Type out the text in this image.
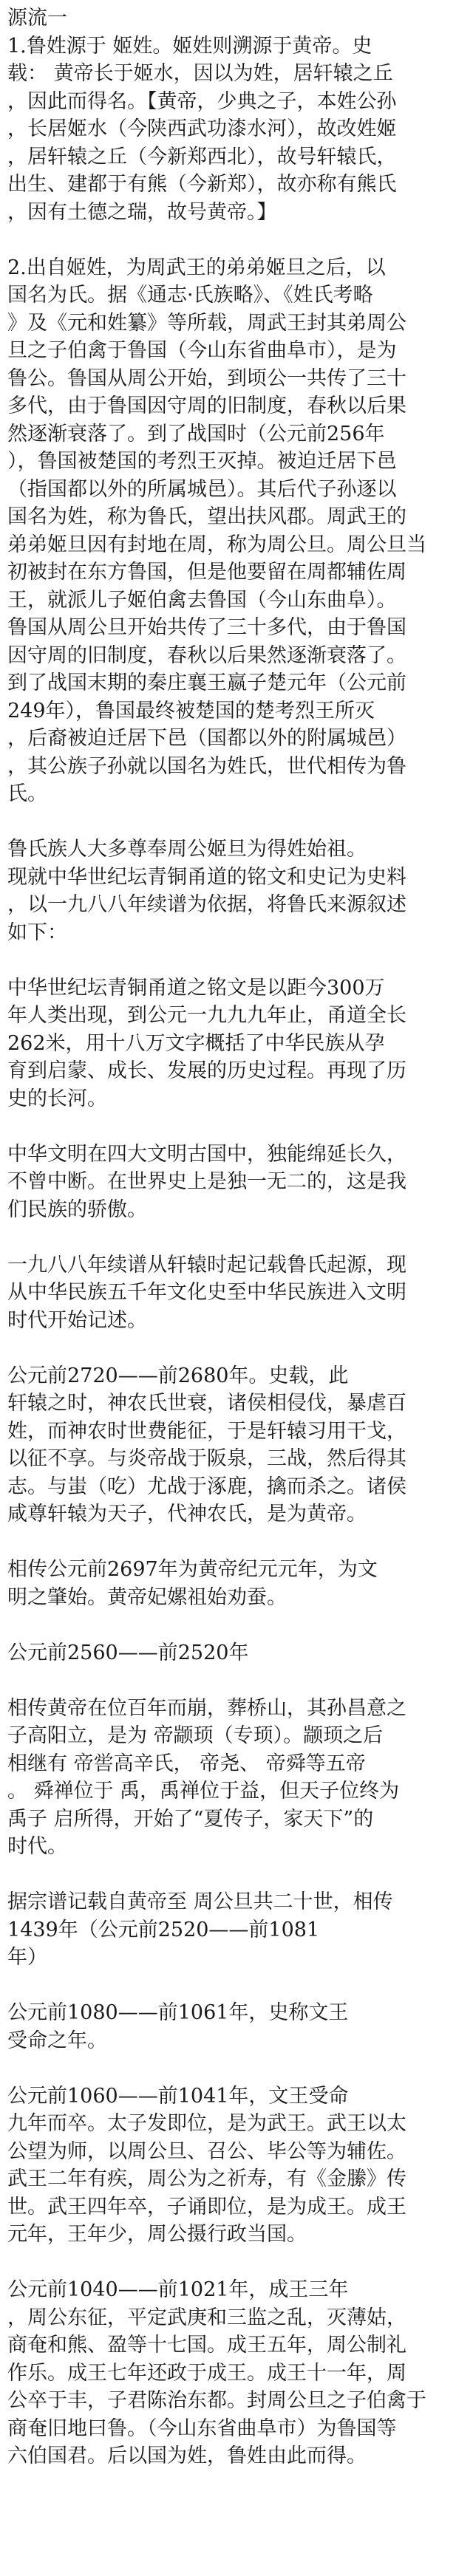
源流一
1.鲁姓源于 姬姓。姬姓则溯源于黄帝。史
载： 黄帝长于姬水，因以为姓，居轩辕之丘
，因此而得名。【黄帝，少典之子，本姓公孙
，长居姬水（今陕西武功漆水河），故改姓姬
，居轩辕之丘（今新郑西北），故号轩辕氏，
出生、建都于有熊（今新郑），故亦称有熊氏
，因有土德之瑞，故号黄帝。】
2.出自姬姓，为周武王的弟弟姬旦之后，以
国名为氏。据《通志·氏族略》、《姓氏考略
》及《元和姓纂》等所载，周武王封其弟周公
旦之子伯禽于鲁国（今山东省曲阜市），是为
鲁公。鲁国从周公开始，到顷公一共传了三十
多代，由于鲁国因守周的旧制度，春秋以后果
然逐渐衰落了。到了战国时（公元前256年
），鲁国被楚国的考烈王灭掉。被迫迁居下邑
（指国都以外的所属城邑）。其后代子孙逐以
国名为姓，称为鲁氏，望出扶风郡。周武王的
弟弟姬旦因有封地在周，称为周公旦。周公旦当
初被封在东方鲁国，但是他要留在周都辅佐周
王，就派儿子姬伯禽去鲁国（今山东曲阜）。
鲁国从周公旦开始共传了三十多代，由于鲁国
因守周的旧制度，春秋以后果然逐渐衰落了。
到了战国末期的秦庄襄王嬴子楚元年（公元前
249年），鲁国最终被楚国的楚考烈王所灭
，后裔被迫迁居下邑（国都以外的附属城邑）
，其公族子孙就以国名为姓氏，世代相传为鲁
氏。
鲁氏族人大多尊奉周公姬旦为得姓始祖。
现就中华世纪坛青铜甬道的铭文和史记为史料
，以一九八八年续谱为依据，将鲁氏来源叙述
如下：
中华世纪坛青铜甬道之铭文是以距今300万
年人类出现，到公元一九九九年止，甬道全长
262米，用十八万文字概括了中华民族从孕
育到启蒙、成长、发展的历史过程。再现了历
史的长河。
中华文明在四大文明古国中，独能绵延长久，
不曾中断。在世界史上是独一无二的，这是我
们民族的骄傲。
一九八八年续谱从轩辕时起记载鲁氏起源，现
从中华民族五千年文化史至中华民族进入文明
时代开始记述。
公元前2720——前2680年。史载，此
轩辕之时，神农氏世衰，诸侯相侵伐，暴虐百
姓，而神农时世费能征，于是轩辕习用干戈，
以征不享。与炎帝战于阪泉，三战，然后得其
志。与蚩（吃）尤战于涿鹿，擒而杀之。诸侯
咸尊轩辕为天子，代神农氏，是为黄帝。
相传公元前2697年为黄帝纪元元年，为文
明之肇始。黄帝妃嫘祖始劝蚕。
公元前2560——前2520年
相传黄帝在位百年而崩，葬桥山，其孙昌意之
子高阳立，是为 帝颛顼（专顼）。颛顼之后
相继有 帝喾高辛氏， 帝尧、 帝舜等五帝
。 舜禅位于 禹，禹禅位于益，但天子位终为
禹子 启所得，开始了“夏传子，家天下”的
时代。
据宗谱记载自黄帝至 周公旦共二十世，相传
1439年（公元前2520——前1081
年）
公元前1080——前1061年，史称文王
受命之年。
公元前1060——前1041年，文王受命
九年而卒。太子发即位，是为武王。武王以太
公望为师，以周公旦、召公、毕公等为辅佐。
武王二年有疾，周公为之祈寿，有《金縢》传
世。武王四年卒，子诵即位，是为成王。成王
元年，王年少，周公摄行政当国。
公元前1040——前1021年，成王三年
，周公东征，平定武庚和三监之乱，灭薄姑，
商奄和熊、盈等十七国。成王五年，周公制礼
作乐。成王七年还政于成王。成王十一年，周
公卒于丰，子君陈治东都。封周公旦之子伯禽于
商奄旧地曰鲁。（今山东省曲阜市）为鲁国等
六伯国君。后以国为姓，鲁姓由此而得。
